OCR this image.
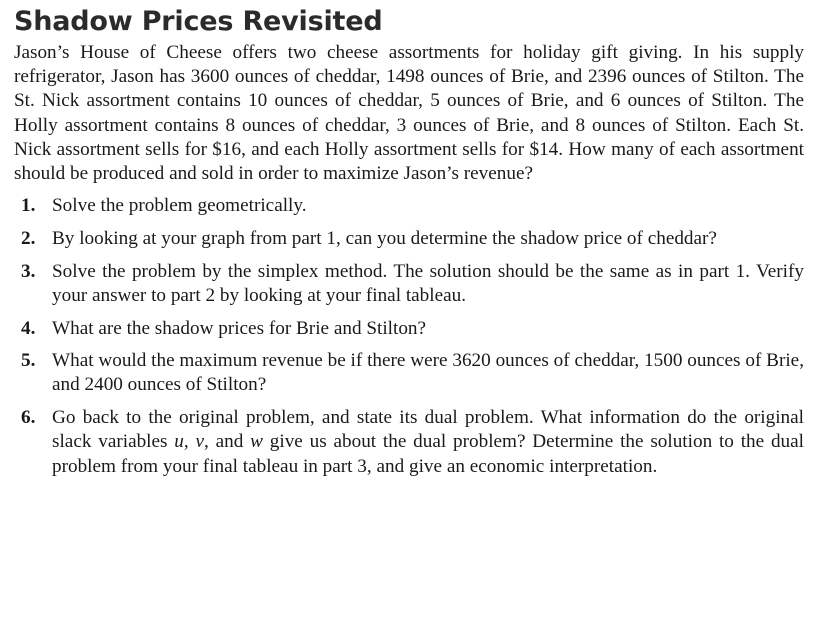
Shadow Prices Revisited

Jason’s House of Cheese offers two cheese assortments for holiday gift giving. In his supply refrigerator, Jason has 3600 ounces of cheddar, 1498 ounces of Brie, and 2396 ounces of Stilton. The St. Nick assortment contains 10 ounces of cheddar, 5 ounces of Brie, and 6 ounces of Stilton. The Holly assortment contains 8 ounces of cheddar, 3 ounces of Brie, and 8 ounces of Stilton. Each St. Nick assortment sells for $16, and each Holly assortment sells for $14. How many of each assortment should be produced and sold in order to maximize Jason’s revenue?

1. Solve the problem geometrically.
2. By looking at your graph from part 1, can you determine the shadow price of cheddar?
3. Solve the problem by the simplex method. The solution should be the same as in part 1. Verify your answer to part 2 by looking at your final tableau.
4. What are the shadow prices for Brie and Stilton?
5. What would the maximum revenue be if there were 3620 ounces of cheddar, 1500 ounces of Brie, and 2400 ounces of Stilton?
6. Go back to the original problem, and state its dual problem. What information do the original slack variables u, v, and w give us about the dual problem? Determine the solution to the dual problem from your final tableau in part 3, and give an economic interpretation.
